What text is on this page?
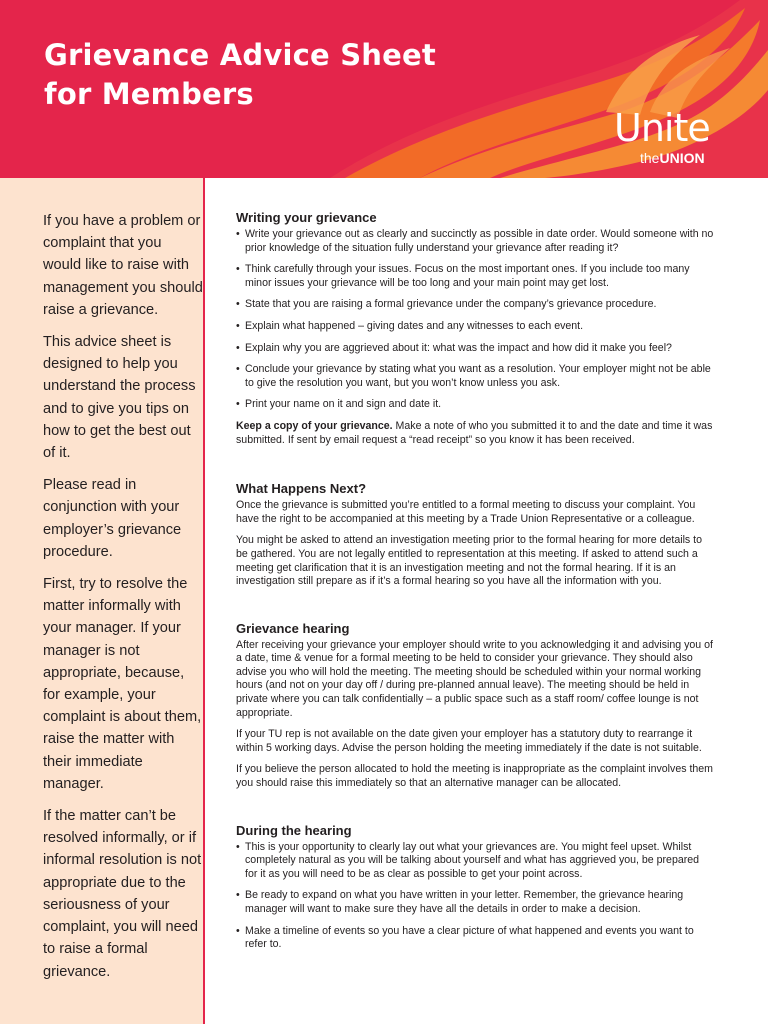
Grievance Advice Sheet
for Members
Unite
theUNION

If you have a problem or complaint that you would like to raise with management you should raise a grievance.

This advice sheet is designed to help you understand the process and to give you tips on how to get the best out of it.

Please read in conjunction with your employer’s grievance procedure.

First, try to resolve the matter informally with your manager. If your manager is not appropriate, because, for example, your complaint is about them, raise the matter with their immediate manager.

If the matter can’t be resolved informally, or if informal resolution is not appropriate due to the seriousness of your complaint, you will need to raise a formal grievance.

Writing your grievance
• Write your grievance out as clearly and succinctly as possible in date order. Would someone with no prior knowledge of the situation fully understand your grievance after reading it?
• Think carefully through your issues. Focus on the most important ones. If you include too many minor issues your grievance will be too long and your main point may get lost.
• State that you are raising a formal grievance under the company’s grievance procedure.
• Explain what happened – giving dates and any witnesses to each event.
• Explain why you are aggrieved about it: what was the impact and how did it make you feel?
• Conclude your grievance by stating what you want as a resolution. Your employer might not be able to give the resolution you want, but you won’t know unless you ask.
• Print your name on it and sign and date it.

Keep a copy of your grievance. Make a note of who you submitted it to and the date and time it was submitted. If sent by email request a “read receipt” so you know it has been received.

What Happens Next?

Once the grievance is submitted you’re entitled to a formal meeting to discuss your complaint. You have the right to be accompanied at this meeting by a Trade Union Representative or a colleague.

You might be asked to attend an investigation meeting prior to the formal hearing for more details to be gathered. You are not legally entitled to representation at this meeting. If asked to attend such a meeting get clarification that it is an investigation meeting and not the formal hearing. If it is an investigation still prepare as if it’s a formal hearing so you have all the information with you.

Grievance hearing

After receiving your grievance your employer should write to you acknowledging it and advising you of a date, time & venue for a formal meeting to be held to consider your grievance. They should also advise you who will hold the meeting. The meeting should be scheduled within your normal working hours (and not on your day off / during pre-planned annual leave). The meeting should be held in private where you can talk confidentially – a public space such as a staff room/ coffee lounge is not appropriate.

If your TU rep is not available on the date given your employer has a statutory duty to rearrange it within 5 working days. Advise the person holding the meeting immediately if the date is not suitable.

If you believe the person allocated to hold the meeting is inappropriate as the complaint involves them you should raise this immediately so that an alternative manager can be allocated.

During the hearing
• This is your opportunity to clearly lay out what your grievances are. You might feel upset. Whilst completely natural as you will be talking about yourself and what has aggrieved you, be prepared for it as you will need to be as clear as possible to get your point across.
• Be ready to expand on what you have written in your letter. Remember, the grievance hearing manager will want to make sure they have all the details in order to make a decision.
• Make a timeline of events so you have a clear picture of what happened and events you want to refer to.
